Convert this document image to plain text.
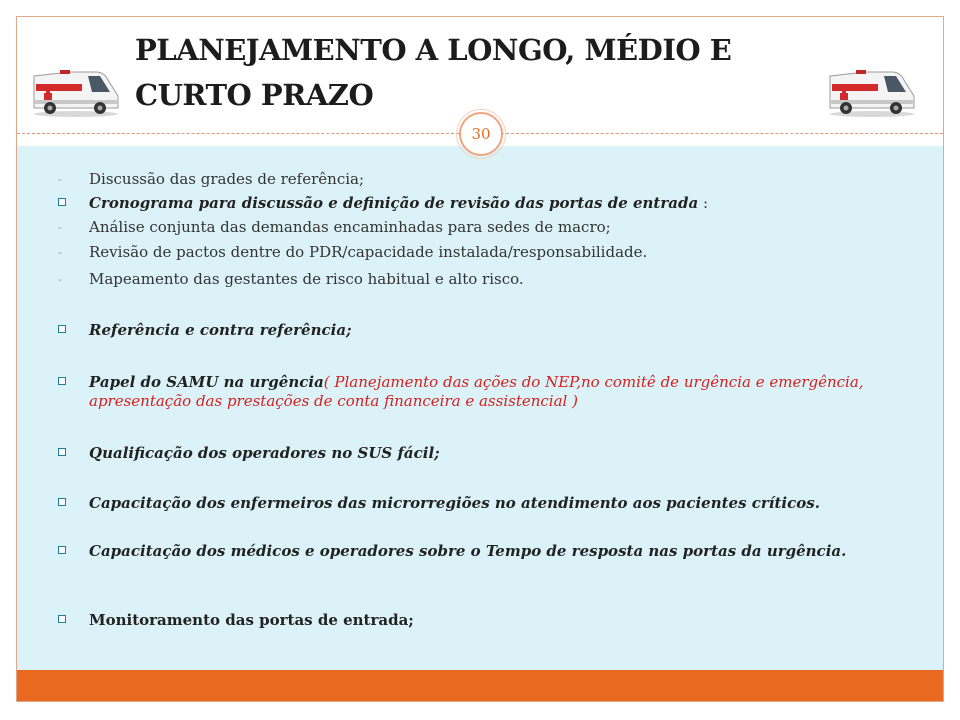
PLANEJAMENTO A LONGO, MÉDIO E
CURTO PRAZO
30
-	Discussão das grades de referência;
Cronograma para discussão e definição de revisão das portas de entrada :
-	Análise conjunta das demandas encaminhadas para sedes de macro;
-	Revisão de pactos dentre do PDR/capacidade instalada/responsabilidade.
-	Mapeamento das gestantes de risco habitual e alto risco.
Referência e contra referência;
Papel do SAMU na urgência( Planejamento das ações do NEP,no comitê de urgência e emergência, apresentação das prestações de conta financeira e assistencial )
Qualificação dos operadores no SUS fácil;
Capacitação dos enfermeiros das microrregiões no atendimento aos pacientes críticos.
Capacitação dos médicos e operadores sobre o Tempo de resposta nas portas da urgência.
Monitoramento das portas de entrada;
